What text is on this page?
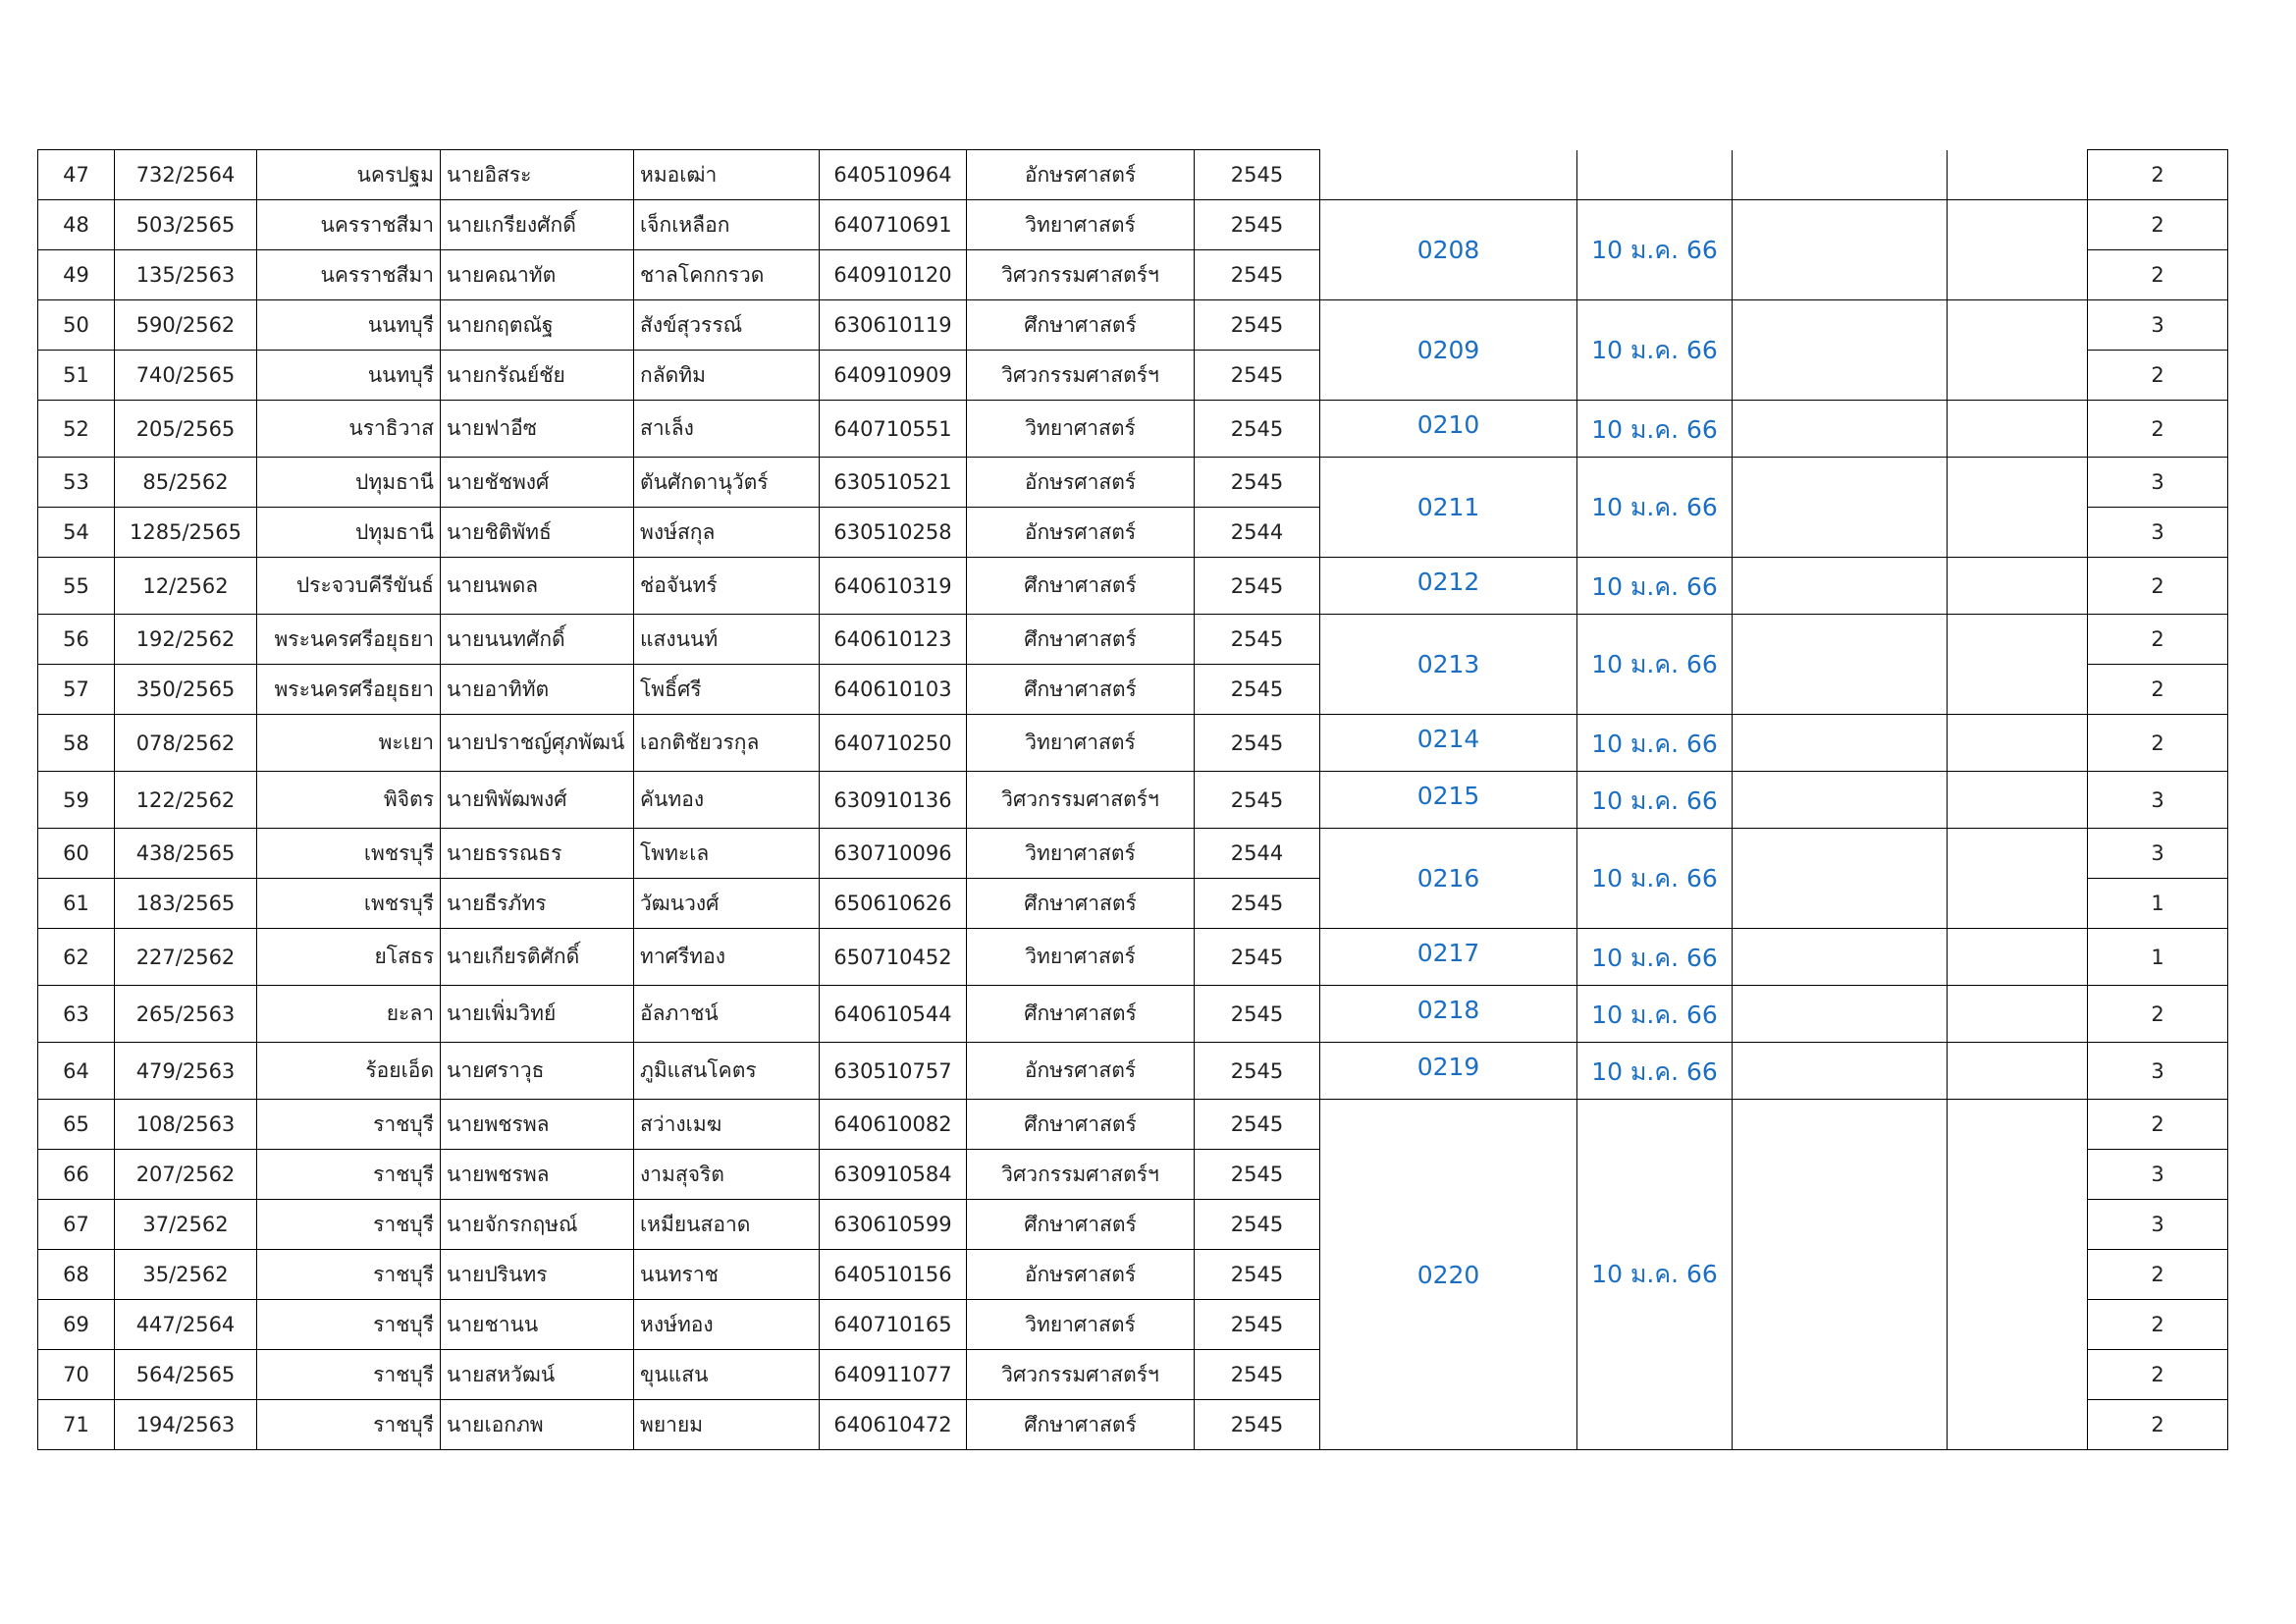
47	732/2564	นครปฐม	นายอิสระ	หมอเฒ่า	640510964	อักษรศาสตร์	2545					2
48	503/2565	นครราชสีมา	นายเกรียงศักดิ์	เจ็กเหลือก	640710691	วิทยาศาสตร์	2545	0208	10 ม.ค. 66			2
49	135/2563	นครราชสีมา	นายคณาทัต	ชาลโคกกรวด	640910120	วิศวกรรมศาสตร์ฯ	2545					2
50	590/2562	นนทบุรี	นายกฤตณัฐ	สังข์สุวรรณ์	630610119	ศึกษาศาสตร์	2545	0209	10 ม.ค. 66			3
51	740/2565	นนทบุรี	นายกรัณย์ชัย	กลัดทิม	640910909	วิศวกรรมศาสตร์ฯ	2545					2
52	205/2565	นราธิวาส	นายฟาอีซ	สาเล็ง	640710551	วิทยาศาสตร์	2545	0210	10 ม.ค. 66			2
53	85/2562	ปทุมธานี	นายชัชพงศ์	ตันศักดานุวัตร์	630510521	อักษรศาสตร์	2545	0211	10 ม.ค. 66			3
54	1285/2565	ปทุมธานี	นายชิติพัทธ์	พงษ์สกุล	630510258	อักษรศาสตร์	2544					3
55	12/2562	ประจวบคีรีขันธ์	นายนพดล	ช่อจันทร์	640610319	ศึกษาศาสตร์	2545	0212	10 ม.ค. 66			2
56	192/2562	พระนครศรีอยุธยา	นายนนทศักดิ์	แสงนนท์	640610123	ศึกษาศาสตร์	2545	0213	10 ม.ค. 66			2
57	350/2565	พระนครศรีอยุธยา	นายอาทิทัต	โพธิ์ศรี	640610103	ศึกษาศาสตร์	2545					2
58	078/2562	พะเยา	นายปราชญ์ศุภพัฒน์	เอกติชัยวรกุล	640710250	วิทยาศาสตร์	2545	0214	10 ม.ค. 66			2
59	122/2562	พิจิตร	นายพิพัฒพงศ์	คันทอง	630910136	วิศวกรรมศาสตร์ฯ	2545	0215	10 ม.ค. 66			3
60	438/2565	เพชรบุรี	นายธรรณธร	โพทะเล	630710096	วิทยาศาสตร์	2544	0216	10 ม.ค. 66			3
61	183/2565	เพชรบุรี	นายธีรภัทร	วัฒนวงศ์	650610626	ศึกษาศาสตร์	2545					1
62	227/2562	ยโสธร	นายเกียรติศักดิ์	ทาศรีทอง	650710452	วิทยาศาสตร์	2545	0217	10 ม.ค. 66			1
63	265/2563	ยะลา	นายเพิ่มวิทย์	อัลภาชน์	640610544	ศึกษาศาสตร์	2545	0218	10 ม.ค. 66			2
64	479/2563	ร้อยเอ็ด	นายศราวุธ	ภูมิแสนโคตร	630510757	อักษรศาสตร์	2545	0219	10 ม.ค. 66			3
65	108/2563	ราชบุรี	นายพชรพล	สว่างเมฆ	640610082	ศึกษาศาสตร์	2545	0220	10 ม.ค. 66			2
66	207/2562	ราชบุรี	นายพชรพล	งามสุจริต	630910584	วิศวกรรมศาสตร์ฯ	2545					3
67	37/2562	ราชบุรี	นายจักรกฤษณ์	เหมียนสอาด	630610599	ศึกษาศาสตร์	2545					3
68	35/2562	ราชบุรี	นายปรินทร	นนทราช	640510156	อักษรศาสตร์	2545					2
69	447/2564	ราชบุรี	นายชานน	หงษ์ทอง	640710165	วิทยาศาสตร์	2545					2
70	564/2565	ราชบุรี	นายสหวัฒน์	ขุนแสน	640911077	วิศวกรรมศาสตร์ฯ	2545					2
71	194/2563	ราชบุรี	นายเอกภพ	พยายม	640610472	ศึกษาศาสตร์	2545					2
